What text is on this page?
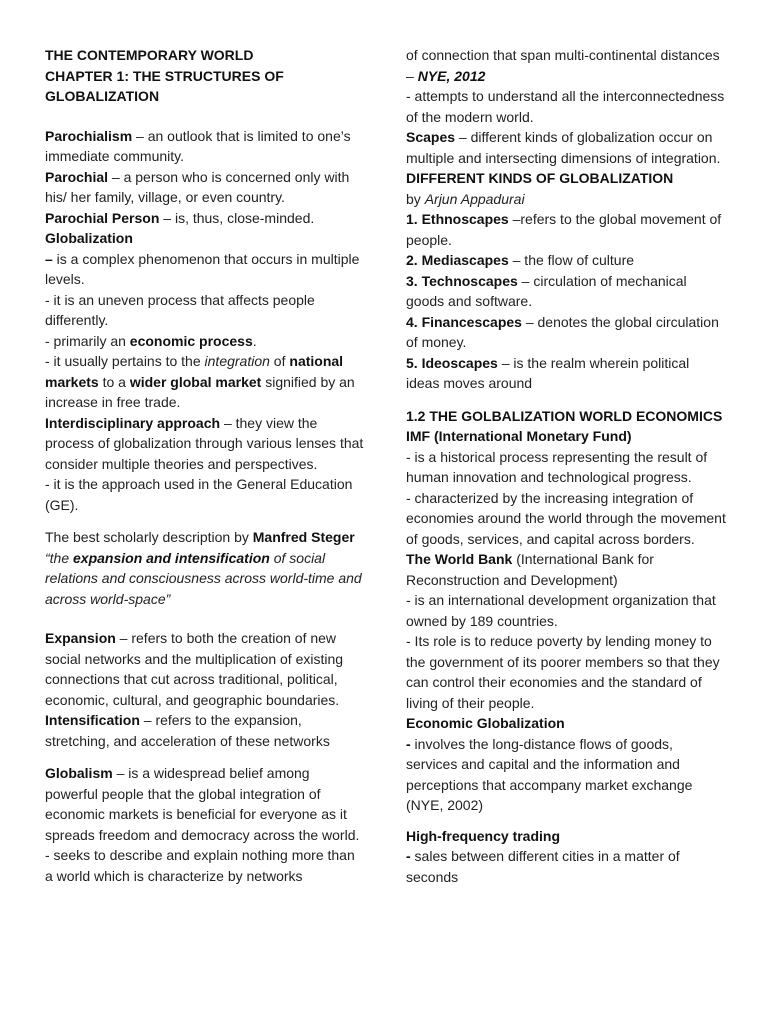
THE CONTEMPORARY WORLD
CHAPTER 1: THE STRUCTURES OF
GLOBALIZATION

Parochialism – an outlook that is limited to one’s immediate community.

Parochial – a person who is concerned only with his/ her family, village, or even country.

Parochial Person – is, thus, close-minded.

Globalization

– is a complex phenomenon that occurs in multiple levels.

- it is an uneven process that affects people differently.

- primarily an economic process.

- it usually pertains to the integration of national markets to a wider global market signified by an increase in free trade.

Interdisciplinary approach – they view the process of globalization through various lenses that consider multiple theories and perspectives.

- it is the approach used in the General Education (GE).

The best scholarly description by Manfred Steger

“the expansion and intensification of social relations and consciousness across world-time and across world-space”

Expansion – refers to both the creation of new social networks and the multiplication of existing connections that cut across traditional, political, economic, cultural, and geographic boundaries.

Intensification – refers to the expansion, stretching, and acceleration of these networks

Globalism – is a widespread belief among powerful people that the global integration of economic markets is beneficial for everyone as it spreads freedom and democracy across the world.

- seeks to describe and explain nothing more than a world which is characterize by networks

of connection that span multi-continental distances – NYE, 2012

- attempts to understand all the interconnectedness of the modern world.

Scapes – different kinds of globalization occur on multiple and intersecting dimensions of integration.

DIFFERENT KINDS OF GLOBALIZATION

by Arjun Appadurai

1. Ethnoscapes –refers to the global movement of people.

2. Mediascapes – the flow of culture

3. Technoscapes – circulation of mechanical goods and software.

4. Financescapes – denotes the global circulation of money.

5. Ideoscapes – is the realm wherein political ideas moves around

1.2 THE GOLBALIZATION WORLD ECONOMICS

IMF (International Monetary Fund)

- is a historical process representing the result of human innovation and technological progress.

- characterized by the increasing integration of economies around the world through the movement of goods, services, and capital across borders.

The World Bank (International Bank for Reconstruction and Development)

- is an international development organization that owned by 189 countries.

- Its role is to reduce poverty by lending money to the government of its poorer members so that they can control their economies and the standard of living of their people.

Economic Globalization

- involves the long-distance flows of goods, services and capital and the information and perceptions that accompany market exchange (NYE, 2002)

High-frequency trading

- sales between different cities in a matter of seconds
